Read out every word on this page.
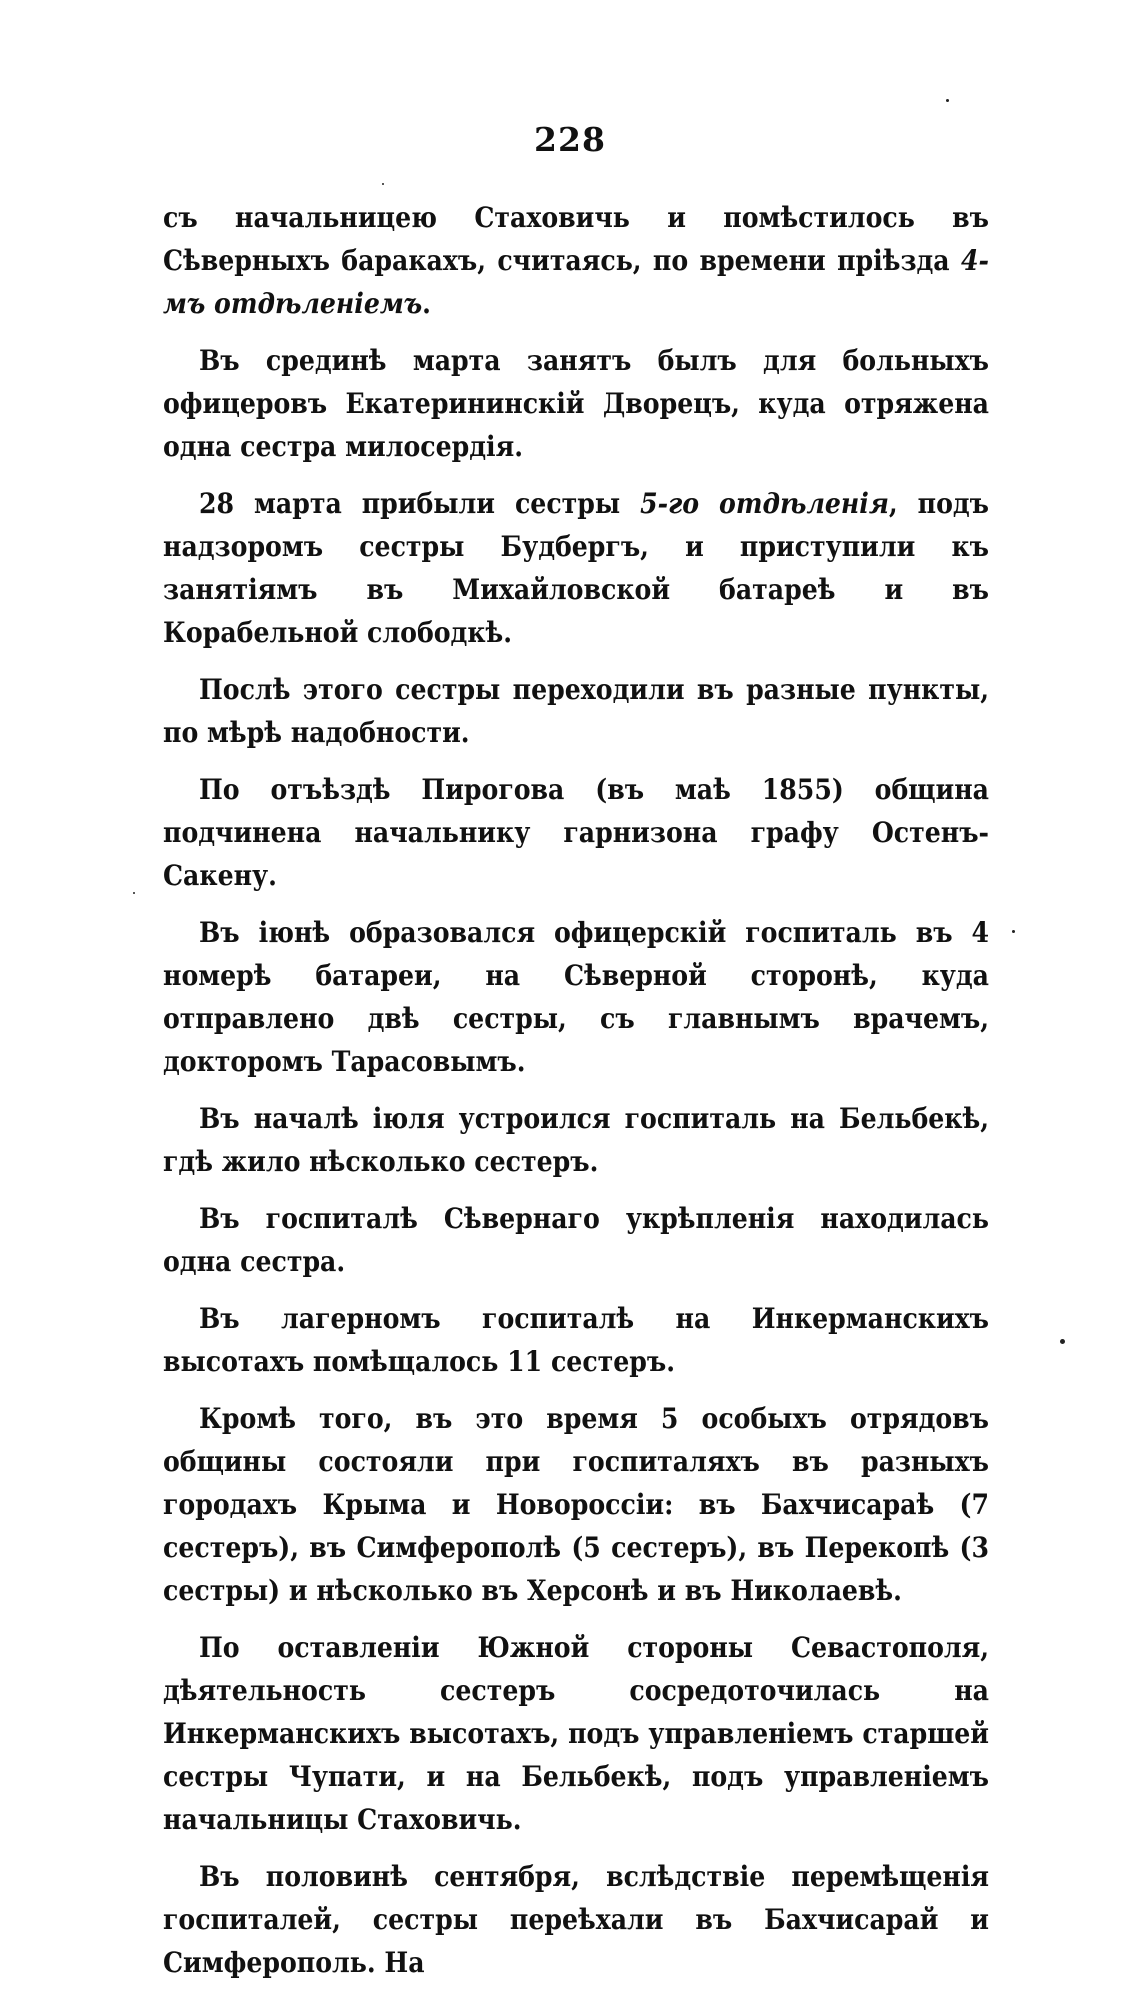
228

съ начальницею Стаховичь и помѣстилось въ Сѣверныхъ баракахъ, считаясь, по времени прiѣзда 4-мъ отдѣленiемъ.

Въ срединѣ марта занятъ былъ для больныхъ офицеровъ Екатерининскiй Дворецъ, куда отряжена одна сестра милосердiя.

28 марта прибыли сестры 5-го отдѣленiя, подъ надзоромъ сестры Будбергъ, и приступили къ занятiямъ въ Михайловской батареѣ и въ Корабельной слободкѣ.

Послѣ этого сестры переходили въ разные пункты, по мѣрѣ надобности.

По отъѣздѣ Пирогова (въ маѣ 1855) община подчинена начальнику гарнизона графу Остенъ-Сакену.

Въ iюнѣ образовался офицерскiй госпиталь въ 4 номерѣ батареи, на Сѣверной сторонѣ, куда отправлено двѣ сестры, съ главнымъ врачемъ, докторомъ Тарасовымъ.

Въ началѣ iюля устроился госпиталь на Бельбекѣ, гдѣ жило нѣсколько сестеръ.

Въ госпиталѣ Сѣвернаго укрѣпленiя находилась одна сестра.

Въ лагерномъ госпиталѣ на Инкерманскихъ высотахъ помѣщалось 11 сестеръ.

Кромѣ того, въ это время 5 особыхъ отрядовъ общины состояли при госпиталяхъ въ разныхъ городахъ Крыма и Новороссiи: въ Бахчисараѣ (7 сестеръ), въ Симферополѣ (5 сестеръ), въ Перекопѣ (3 сестры) и нѣсколько въ Херсонѣ и въ Николаевѣ.

По оставленiи Южной стороны Севастополя, дѣятельность сестеръ сосредоточилась на Инкерманскихъ высотахъ, подъ управленiемъ старшей сестры Чупати, и на Бельбекѣ, подъ управленiемъ начальницы Стаховичь.

Въ половинѣ сентября, вслѣдствiе перемѣщенiя госпиталей, сестры переѣхали въ Бахчисарай и Симферополь. На
